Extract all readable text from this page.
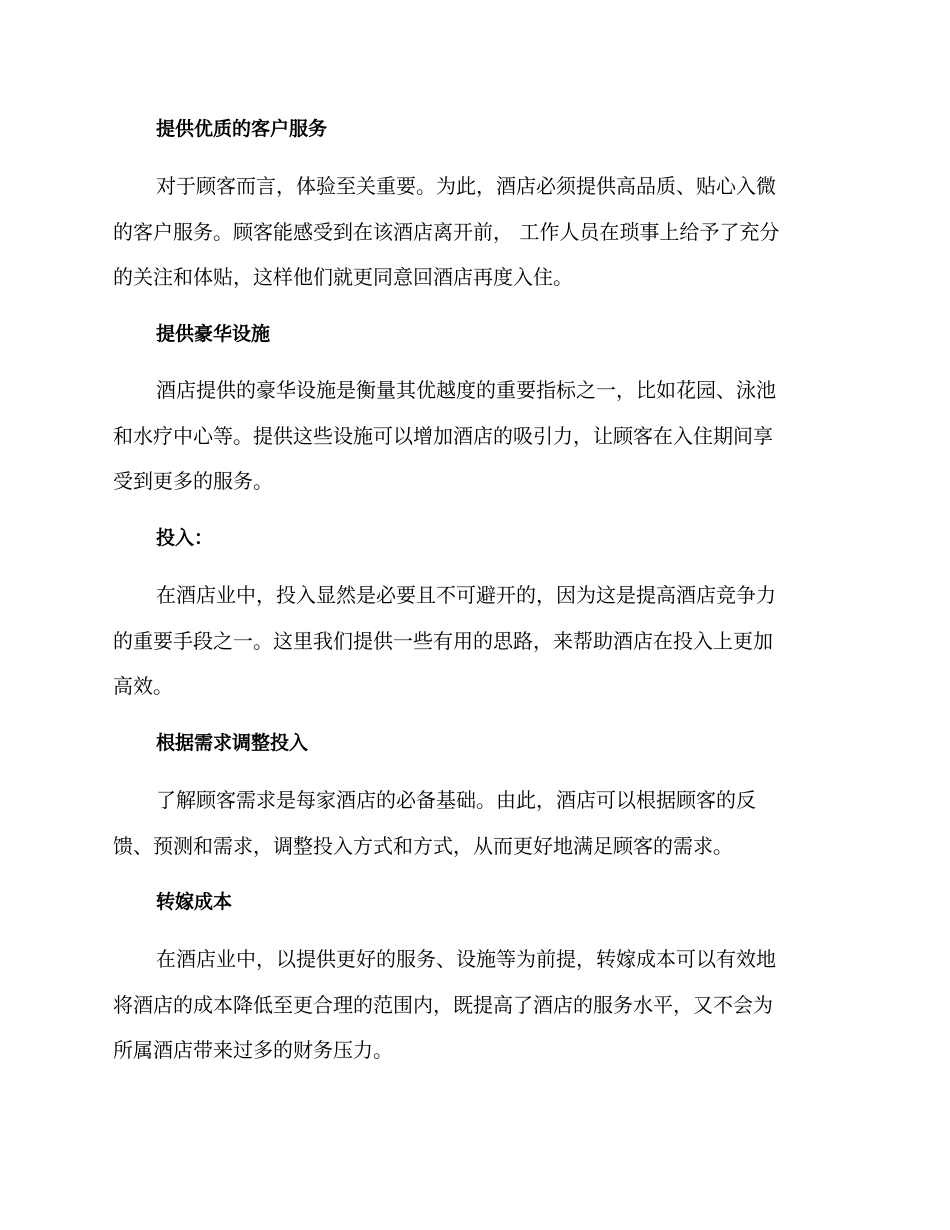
提供优质的客户服务
对于顾客而言，体验至关重要。为此，酒店必须提供高品质、贴心入微
的客户服务。顾客能感受到在该酒店离开前， 工作人员在琐事上给予了充分
的关注和体贴，这样他们就更同意回酒店再度入住。
提供豪华设施
酒店提供的豪华设施是衡量其优越度的重要指标之一，比如花园、泳池
和水疗中心等。提供这些设施可以增加酒店的吸引力，让顾客在入住期间享
受到更多的服务。
投入：
在酒店业中，投入显然是必要且不可避开的，因为这是提高酒店竞争力
的重要手段之一。这里我们提供一些有用的思路，来帮助酒店在投入上更加
高效。
根据需求调整投入
了解顾客需求是每家酒店的必备基础。由此，酒店可以根据顾客的反
馈、预测和需求，调整投入方式和方式，从而更好地满足顾客的需求。
转嫁成本
在酒店业中，以提供更好的服务、设施等为前提，转嫁成本可以有效地
将酒店的成本降低至更合理的范围内，既提高了酒店的服务水平，又不会为
所属酒店带来过多的财务压力。
